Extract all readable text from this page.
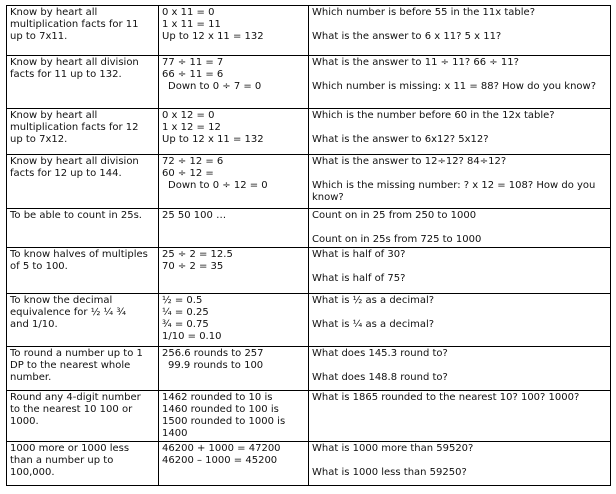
Know by heart all
multiplication facts for 11
up to 7x11.	0 x 11 = 0
1 x 11 = 11
Up to 12 x 11 = 132	Which number is before 55 in the 11x table?
What is the answer to 6 x 11? 5 x 11?

Know by heart all division
facts for 11 up to 132.	77 ÷ 11 = 7
66 ÷ 11 = 6
Down to 0 ÷ 7 = 0	What is the answer to 11 ÷ 11? 66 ÷ 11?
Which number is missing: x 11 = 88? How do you know?

Know by heart all
multiplication facts for 12
up to 7x12.	0 x 12 = 0
1 x 12 = 12
Up to 12 x 11 = 132	Which is the number before 60 in the 12x table?
What is the answer to 6x12? 5x12?

Know by heart all division
facts for 12 up to 144.	72 ÷ 12 = 6
60 ÷ 12 =
Down to 0 ÷ 12 = 0	What is the answer to 12÷12? 84÷12?
Which is the missing number: ? x 12 = 108? How do you know?

To be able to count in 25s.	25 50 100 …	Count on in 25 from 250 to 1000
Count on in 25s from 725 to 1000

To know halves of multiples
of 5 to 100.	25 ÷ 2 = 12.5
70 ÷ 2 = 35	What is half of 30?
What is half of 75?

To know the decimal
equivalence for ½ ¼ ¾
and 1/10.	½ = 0.5
¼ = 0.25
¾ = 0.75
1/10 = 0.10	What is ½ as a decimal?
What is ¼ as a decimal?

To round a number up to 1
DP to the nearest whole
number.	256.6 rounds to 257
99.9 rounds to 100	What does 145.3 round to?
What does 148.8 round to?

Round any 4-digit number
to the nearest 10 100 or
1000.	1462 rounded to 10 is
1460 rounded to 100 is
1500 rounded to 1000 is
1400	What is 1865 rounded to the nearest 10? 100? 1000?

1000 more or 1000 less
than a number up to
100,000.	46200 + 1000 = 47200
46200 – 1000 = 45200	What is 1000 more than 59520?
What is 1000 less than 59250?
